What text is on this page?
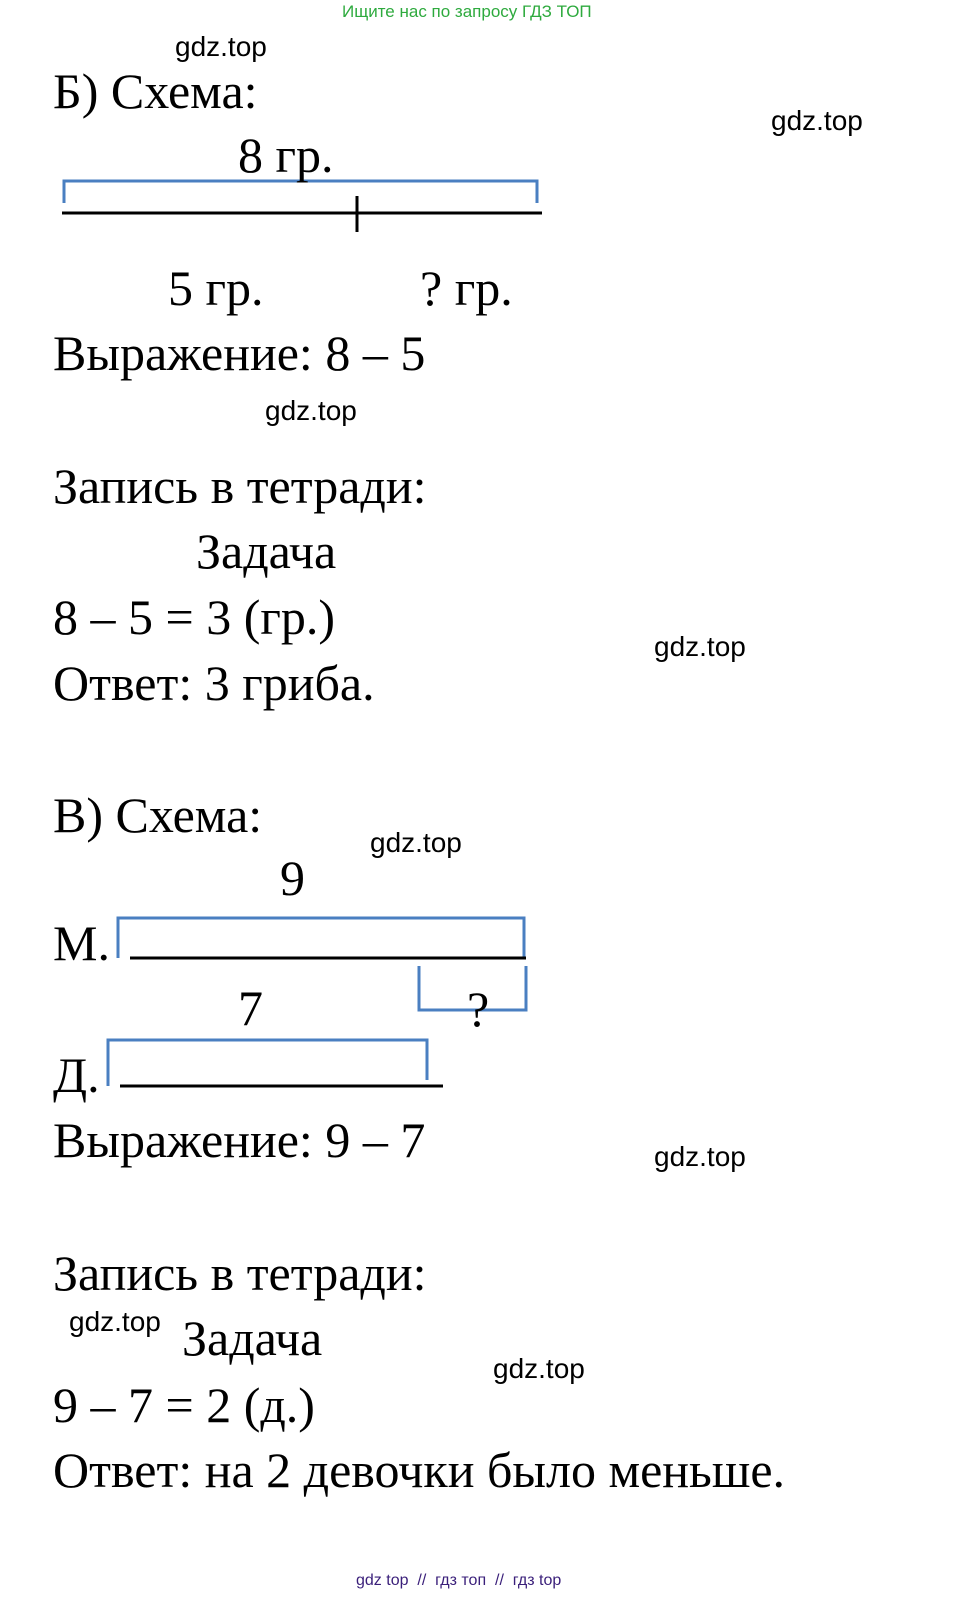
Ищите нас по запросу ГДЗ ТОП
gdz.top
gdz.top
gdz.top
gdz.top
gdz.top
gdz.top
gdz.top
gdz.top
Б) Схема:
8 гр.
5 гр.	? гр.
Выражение: 8 – 5
Запись в тетради:
Задача
8 – 5 = 3 (гр.)
Ответ: 3 гриба.
В) Схема:
9
М.
7	?
Д.
Выражение: 9 – 7
Запись в тетради:
Задача
9 – 7 = 2 (д.)
Ответ: на 2 девочки было меньше.
gdz top  //  гдз топ  //  гдз top
